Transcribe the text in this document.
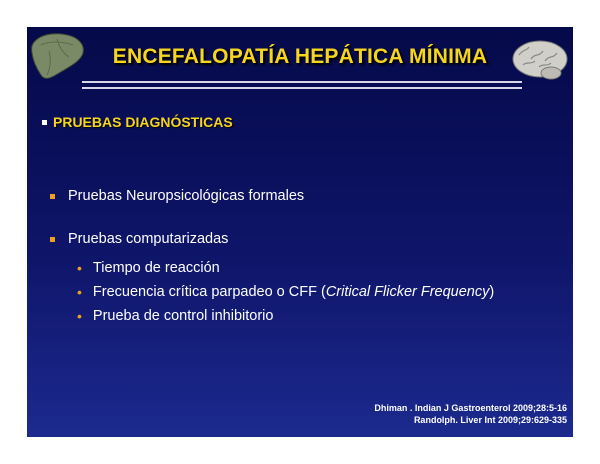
ENCEFALOPATÍA HEPÁTICA MÍNIMA
PRUEBAS DIAGNÓSTICAS
Pruebas Neuropsicológicas formales
Pruebas computarizadas
• Tiempo de reacción
• Frecuencia crítica parpadeo o CFF ( Critical Flicker Frequency )
• Prueba de control inhibitorio
Dhiman . Indian J Gastroenterol 2009;28:5-16
Randolph. Liver Int 2009;29:629-335
